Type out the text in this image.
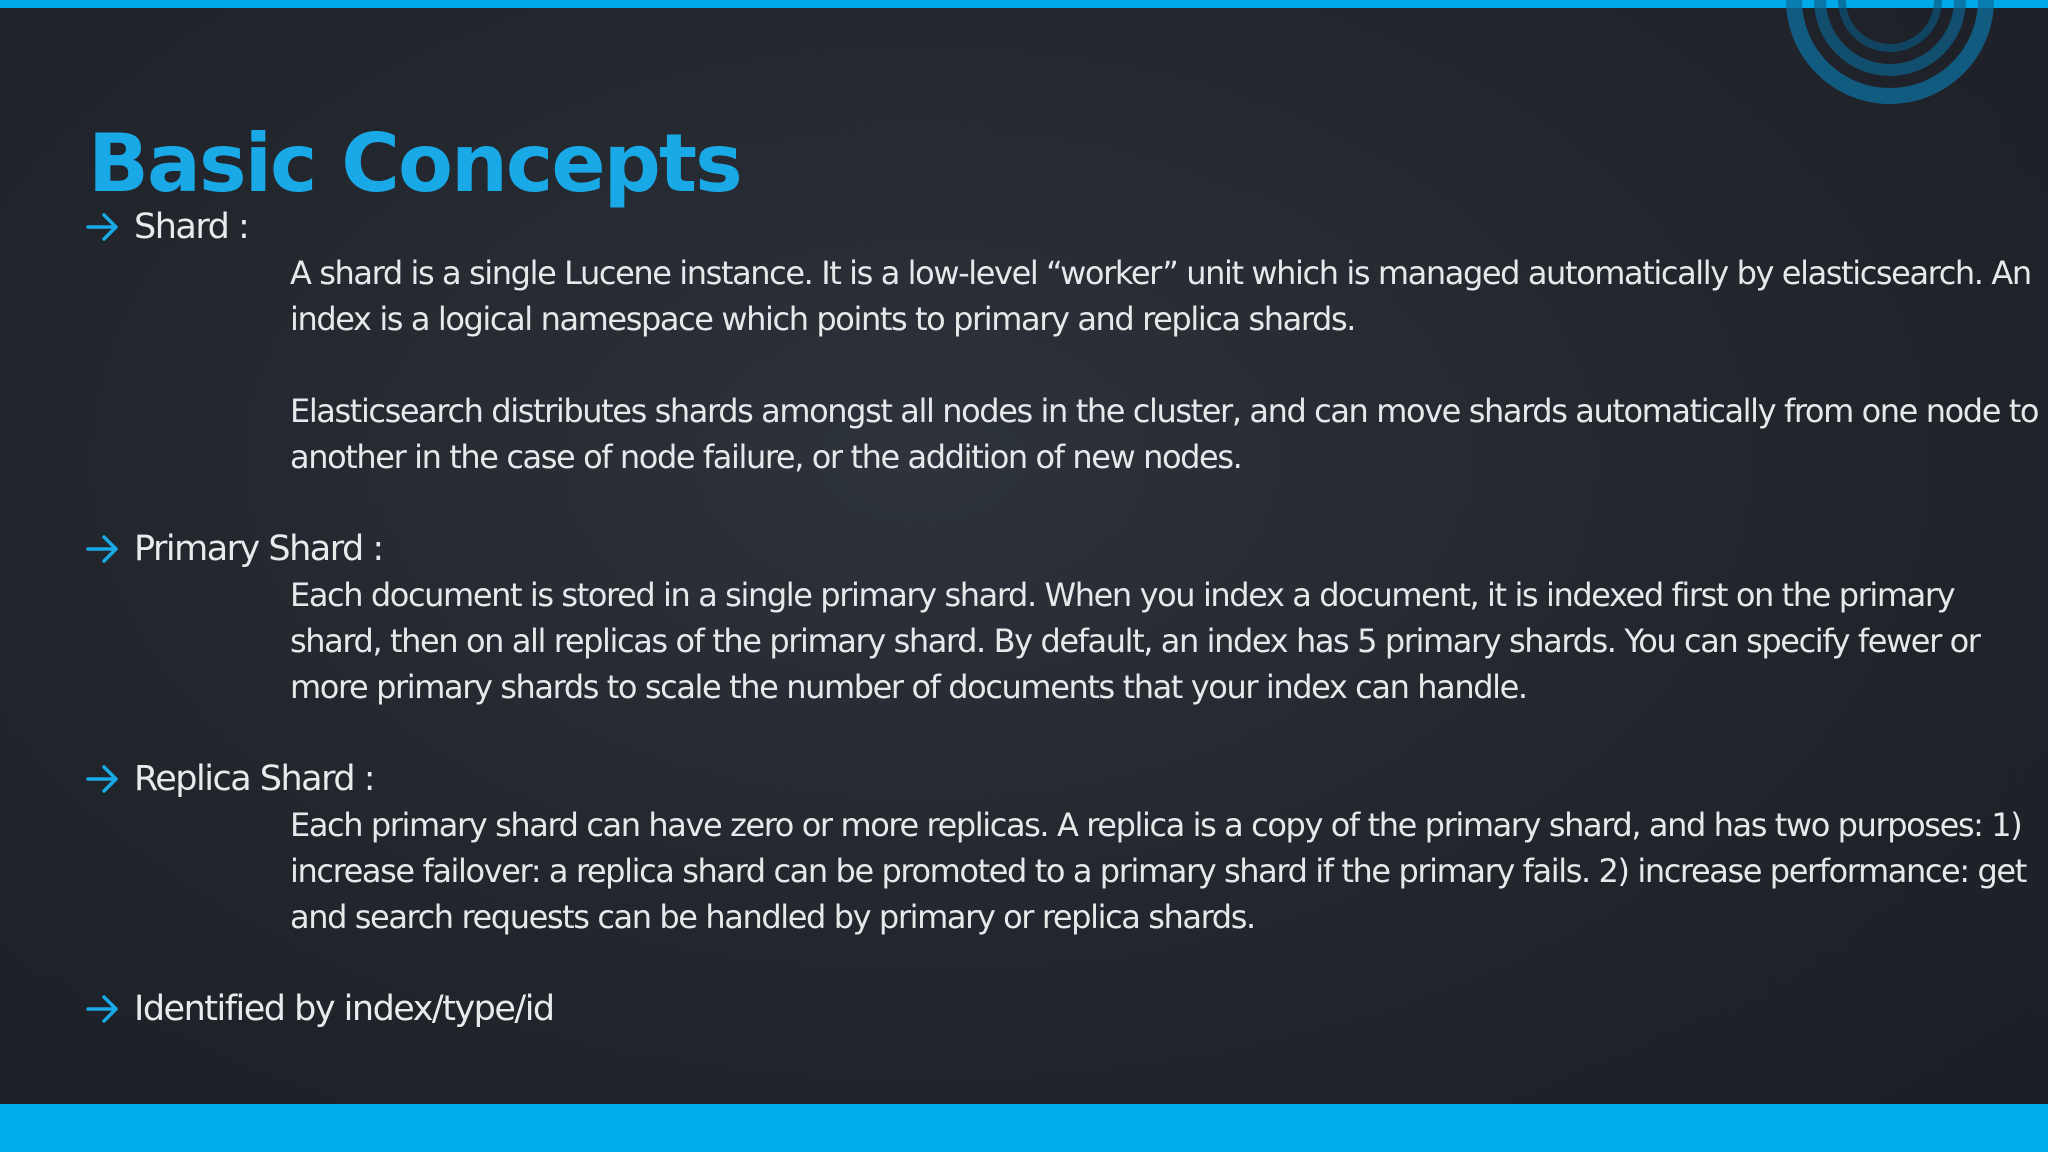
Basic Concepts
Shard :

A shard is a single Lucene instance. It is a low-level “worker” unit which is managed automatically by elasticsearch. An index is a logical namespace which points to primary and replica shards.

Elasticsearch distributes shards amongst all nodes in the cluster, and can move shards automatically from one node to another in the case of node failure, or the addition of new nodes.

Primary Shard :

Each document is stored in a single primary shard. When you index a document, it is indexed first on the primary shard, then on all replicas of the primary shard. By default, an index has 5 primary shards. You can specify fewer or more primary shards to scale the number of documents that your index can handle.

Replica Shard :

Each primary shard can have zero or more replicas. A replica is a copy of the primary shard, and has two purposes: 1) increase failover: a replica shard can be promoted to a primary shard if the primary fails. 2) increase performance: get and search requests can be handled by primary or replica shards.

Identified by index/type/id
